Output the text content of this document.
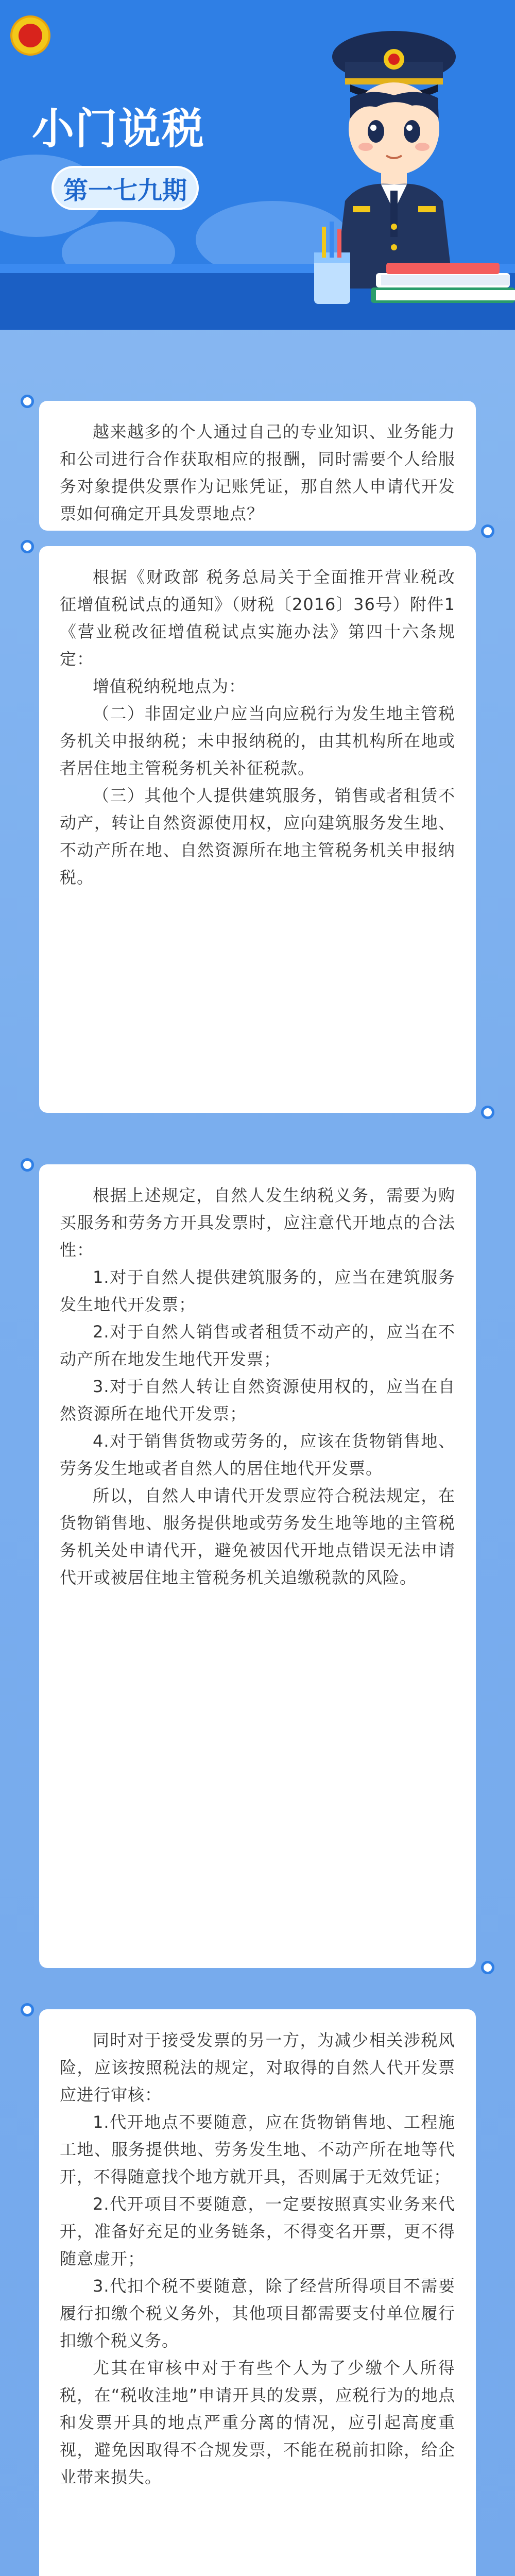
小门说税
第一七九期

越来越多的个人通过自己的专业知识、业务能力和公司进行合作获取相应的报酬，同时需要个人给服务对象提供发票作为记账凭证，那自然人申请代开发票如何确定开具发票地点？

根据《财政部 税务总局关于全面推开营业税改征增值税试点的通知》（财税〔2016〕36号）附件1《营业税改征增值税试点实施办法》第四十六条规定：

增值税纳税地点为：

（二）非固定业户应当向应税行为发生地主管税务机关申报纳税；未申报纳税的，由其机构所在地或者居住地主管税务机关补征税款。

（三）其他个人提供建筑服务，销售或者租赁不动产，转让自然资源使用权，应向建筑服务发生地、不动产所在地、自然资源所在地主管税务机关申报纳税。

根据上述规定，自然人发生纳税义务，需要为购买服务和劳务方开具发票时，应注意代开地点的合法性：

1.对于自然人提供建筑服务的，应当在建筑服务发生地代开发票；

2.对于自然人销售或者租赁不动产的，应当在不动产所在地发生地代开发票；

3.对于自然人转让自然资源使用权的，应当在自然资源所在地代开发票；

4.对于销售货物或劳务的，应该在货物销售地、劳务发生地或者自然人的居住地代开发票。

所以，自然人申请代开发票应符合税法规定，在货物销售地、服务提供地或劳务发生地等地的主管税务机关处申请代开，避免被因代开地点错误无法申请代开或被居住地主管税务机关追缴税款的风险。

同时对于接受发票的另一方，为减少相关涉税风险，应该按照税法的规定，对取得的自然人代开发票应进行审核：

1.代开地点不要随意，应在货物销售地、工程施工地、服务提供地、劳务发生地、不动产所在地等代开，不得随意找个地方就开具，否则属于无效凭证；

2.代开项目不要随意，一定要按照真实业务来代开，准备好充足的业务链条，不得变名开票，更不得随意虚开；

3.代扣个税不要随意，除了经营所得项目不需要履行扣缴个税义务外，其他项目都需要支付单位履行扣缴个税义务。

尤其在审核中对于有些个人为了少缴个人所得税，在“税收洼地”申请开具的发票，应税行为的地点和发票开具的地点严重分离的情况，应引起高度重视，避免因取得不合规发票，不能在税前扣除，给企业带来损失。
